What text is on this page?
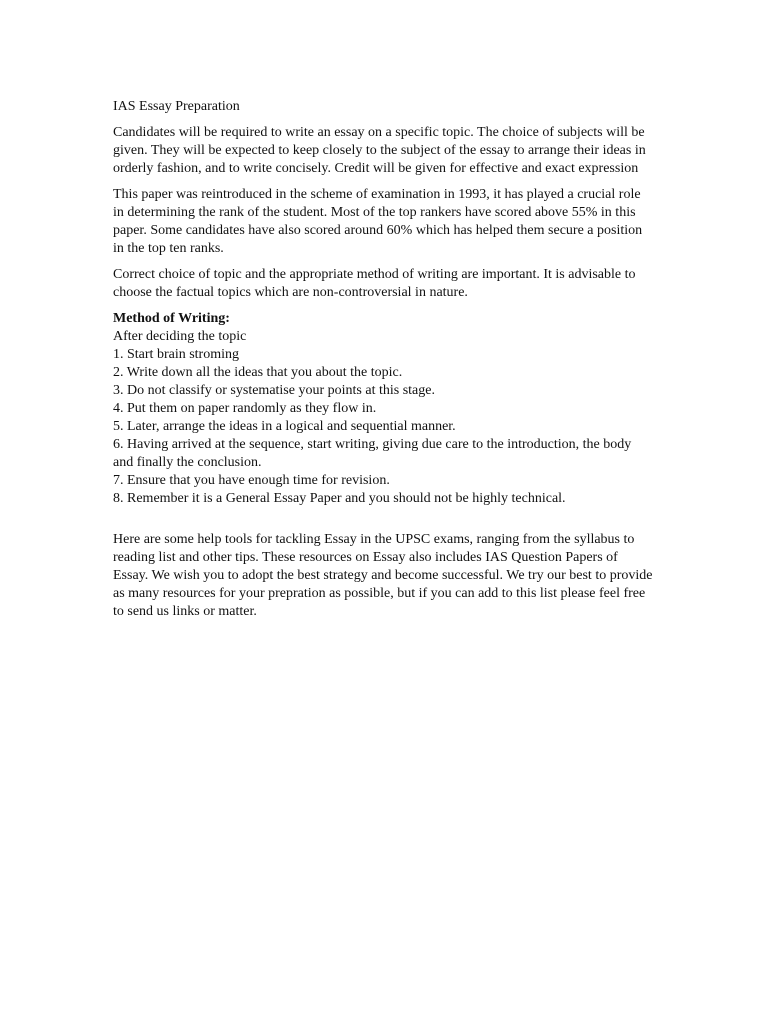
IAS Essay Preparation

Candidates will be required to write an essay on a specific topic. The choice of subjects will be given. They will be expected to keep closely to the subject of the essay to arrange their ideas in orderly fashion, and to write concisely. Credit will be given for effective and exact expression

This paper was reintroduced in the scheme of examination in 1993, it has played a crucial role in determining the rank of the student. Most of the top rankers have scored above 55% in this paper. Some candidates have also scored around 60% which has helped them secure a position in the top ten ranks.

Correct choice of topic and the appropriate method of writing are important. It is advisable to choose the factual topics which are non-controversial in nature.

Method of Writing:
After deciding the topic
1. Start brain stroming
2. Write down all the ideas that you about the topic.
3. Do not classify or systematise your points at this stage.
4. Put them on paper randomly as they flow in.
5. Later, arrange the ideas in a logical and sequential manner.
6. Having arrived at the sequence, start writing, giving due care to the introduction, the body and finally the conclusion.
7. Ensure that you have enough time for revision.
8. Remember it is a General Essay Paper and you should not be highly technical.

Here are some help tools for tackling Essay in the UPSC exams, ranging from the syllabus to reading list and other tips. These resources on Essay also includes IAS Question Papers of Essay. We wish you to adopt the best strategy and become successful. We try our best to provide as many resources for your prepration as possible, but if you can add to this list please feel free to send us links or matter.
